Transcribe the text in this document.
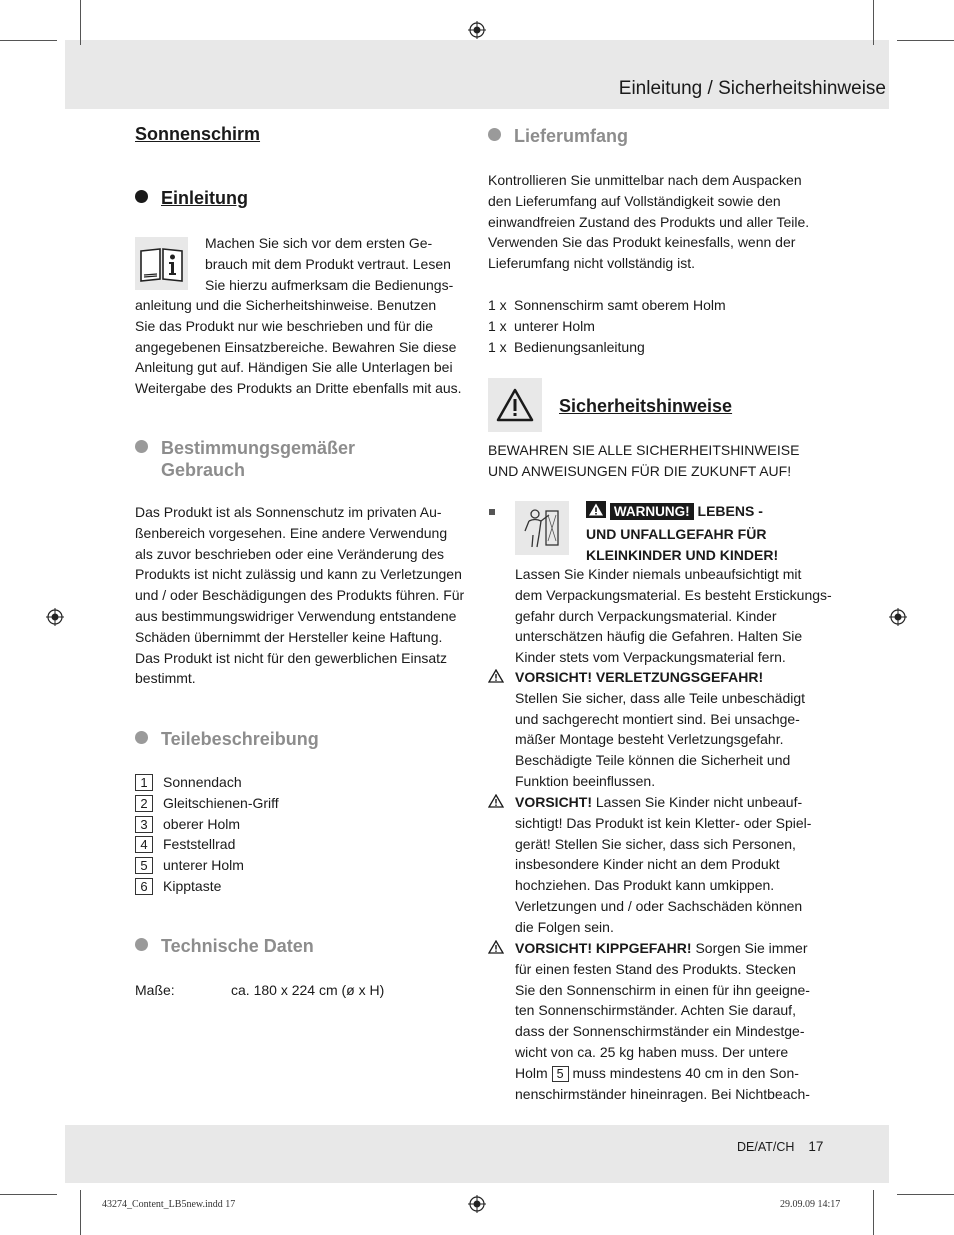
Einleitung / Sicherheitshinweise
Sonnenschirm
Einleitung

Machen Sie sich vor dem ersten Ge-

brauch mit dem Produkt vertraut. Lesen

Sie hierzu aufmerksam die Bedienungs-

anleitung und die Sicherheitshinweise. Benutzen

Sie das Produkt nur wie beschrieben und für die

angegebenen Einsatzbereiche. Bewahren Sie diese

Anleitung gut auf. Händigen Sie alle Unterlagen bei

Weitergabe des Produkts an Dritte ebenfalls mit aus.

Bestimmungsgemäßer
Gebrauch

Das Produkt ist als Sonnenschutz im privaten Au-

ßenbereich vorgesehen. Eine andere Verwendung

als zuvor beschrieben oder eine Veränderung des

Produkts ist nicht zulässig und kann zu Verletzungen

und / oder Beschädigungen des Produkts führen. Für

aus bestimmungswidriger Verwendung entstandene

Schäden übernimmt der Hersteller keine Haftung.

Das Produkt ist nicht für den gewerblichen Einsatz

bestimmt.

Teilebeschreibung
1 Sonnendach
2 Gleitschienen-Griff
3 oberer Holm
4 Feststellrad
5 unterer Holm
6 Kipptaste
Technische Daten
Maße:	ca. 180 x 224 cm (ø x H)
Lieferumfang

Kontrollieren Sie unmittelbar nach dem Auspacken

den Lieferumfang auf Vollständigkeit sowie den

einwandfreien Zustand des Produkts und aller Teile.

Verwenden Sie das Produkt keinesfalls, wenn der

Lieferumfang nicht vollständig ist.

1 x Sonnenschirm samt oberem Holm
1 x unterer Holm
1 x Bedienungsanleitung
Sicherheitshinweise

BEWAHREN SIE ALLE SICHERHEITSHINWEISE

UND ANWEISUNGEN FÜR DIE ZUKUNFT AUF!

WARNUNG! LEBENS -
UND UNFALLGEFAHR FÜR
KLEINKINDER UND KINDER!

Lassen Sie Kinder niemals unbeaufsichtigt mit

dem Verpackungsmaterial. Es besteht Erstickungs-

gefahr durch Verpackungsmaterial. Kinder

unterschätzen häufig die Gefahren. Halten Sie

Kinder stets vom Verpackungsmaterial fern.

VORSICHT! VERLETZUNGSGEFAHR!

Stellen Sie sicher, dass alle Teile unbeschädigt

und sachgerecht montiert sind. Bei unsachge-

mäßer Montage besteht Verletzungsgefahr.

Beschädigte Teile können die Sicherheit und

Funktion beeinflussen.

VORSICHT! Lassen Sie Kinder nicht unbeauf-

sichtigt! Das Produkt ist kein Kletter- oder Spiel-

gerät! Stellen Sie sicher, dass sich Personen,

insbesondere Kinder nicht an dem Produkt

hochziehen. Das Produkt kann umkippen.

Verletzungen und / oder Sachschäden können

die Folgen sein.

VORSICHT! KIPPGEFAHR! Sorgen Sie immer

für einen festen Stand des Produkts. Stecken

Sie den Sonnenschirm in einen für ihn geeigne-

ten Sonnenschirmständer. Achten Sie darauf,

dass der Sonnenschirmständer ein Mindestge-

wicht von ca. 25 kg haben muss. Der untere

Holm 5 muss mindestens 40 cm in den Son-

nenschirmständer hineinragen. Bei Nichtbeach-

DE/AT/CH 17
43274_Content_LB5new.indd 17	29.09.09 14:17
